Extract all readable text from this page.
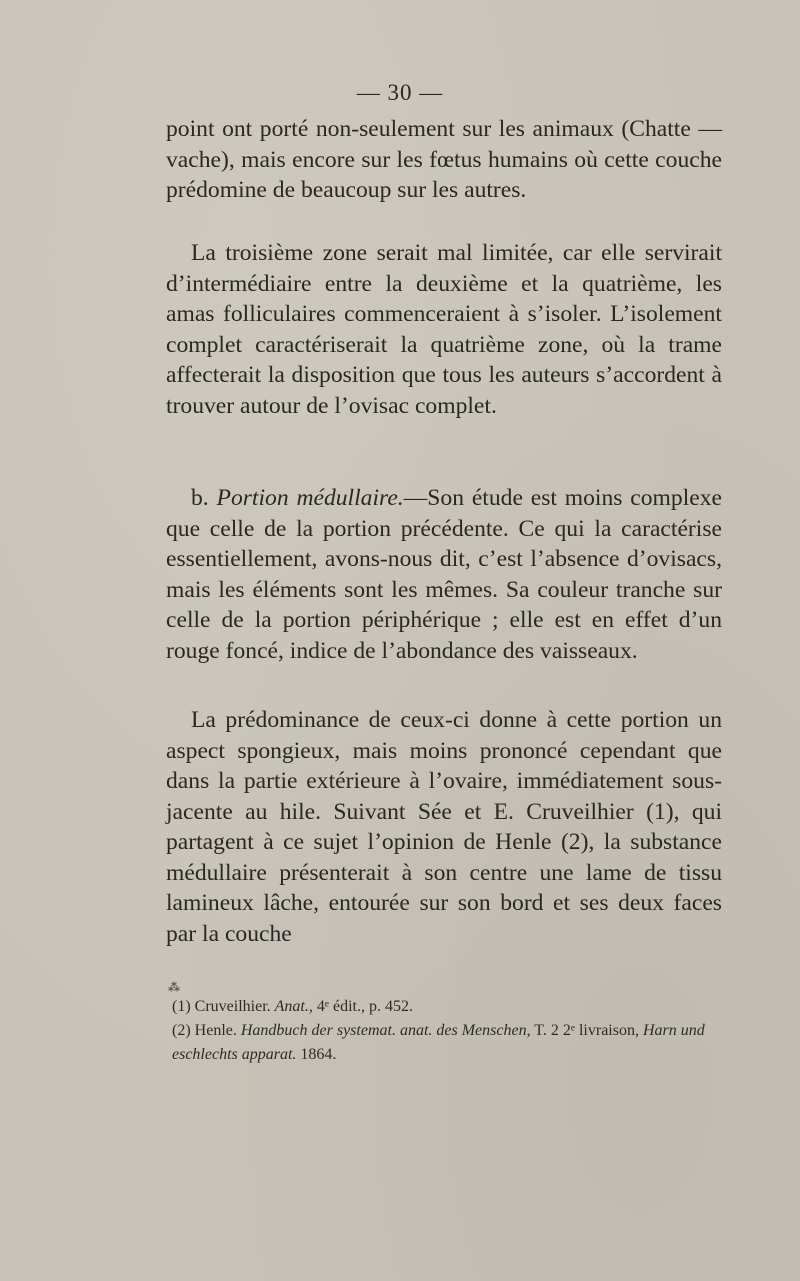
— 30 —

point ont porté non-seulement sur les animaux (Chatte — vache), mais encore sur les fœtus humains où cette couche prédomine de beaucoup sur les autres.

La troisième zone serait mal limitée, car elle servirait d’intermédiaire entre la deuxième et la quatrième, les amas folliculaires commenceraient à s’isoler. L’isolement complet caractériserait la quatrième zone, où la trame affecterait la disposition que tous les auteurs s’accordent à trouver autour de l’ovisac complet.

b. Portion médullaire.—Son étude est moins complexe que celle de la portion précédente. Ce qui la caractérise essentiellement, avons-nous dit, c’est l’absence d’ovisacs, mais les éléments sont les mêmes. Sa couleur tranche sur celle de la portion périphérique ; elle est en effet d’un rouge foncé, indice de l’abondance des vaisseaux.

La prédominance de ceux-ci donne à cette portion un aspect spongieux, mais moins prononcé cependant que dans la partie extérieure à l’ovaire, immédiatement sous-jacente au hile. Suivant Sée et E. Cruveilhier (1), qui partagent à ce sujet l’opinion de Henle (2), la substance médullaire présenterait à son centre une lame de tissu lamineux lâche, entourée sur son bord et ses deux faces par la couche

⁂

(1) Cruveilhier. Anat., 4ᵉ édit., p. 452.

(2) Henle. Handbuch der systemat. anat. des Menschen, T. 2 2ᵉ livraison, Harn und eschlechts apparat. 1864.
